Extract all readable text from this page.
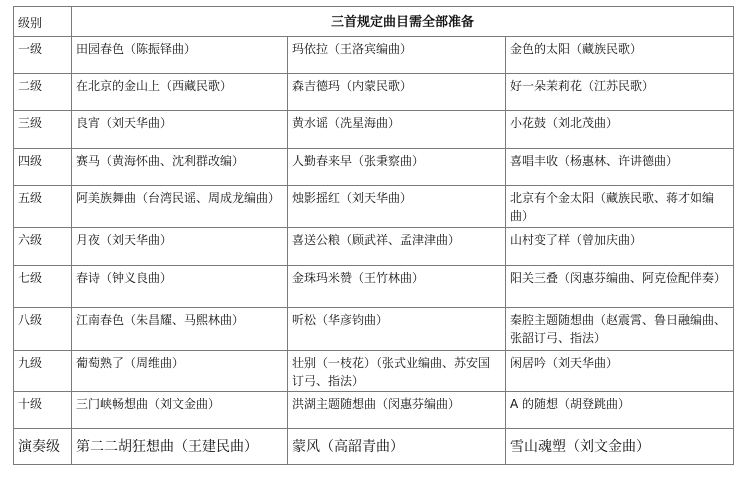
级别	三首规定曲目需全部准备		
一级	田园春色（陈振铎曲）	玛依拉（王洛宾编曲）	金色的太阳（藏族民歌）
二级	在北京的金山上（西藏民歌）	森吉德玛（内蒙民歌）	好一朵茉莉花（江苏民歌）
三级	良宵（刘天华曲）	黄水谣（冼星海曲）	小花鼓（刘北茂曲）
四级	赛马（黄海怀曲、沈利群改编）	人勤春来早（张秉察曲）	喜唱丰收（杨惠林、许讲德曲）
五级	阿美族舞曲（台湾民谣、周成龙编曲）	烛影摇红（刘天华曲）	北京有个金太阳（藏族民歌、蒋才如编曲）
六级	月夜（刘天华曲）	喜送公粮（顾武祥、孟津津曲）	山村变了样（曾加庆曲）
七级	春诗（钟义良曲）	金珠玛米赞（王竹林曲）	阳关三叠（闵惠芬编曲、阿克俭配伴奏）
八级	江南春色（朱昌耀、马熙林曲）	听松（华彦钧曲）	秦腔主题随想曲（赵震霄、鲁日融编曲、张韶订弓、指法）
九级	葡萄熟了（周维曲）	壮别（一枝花）（张式业编曲、苏安国订弓、指法）	闲居吟（刘天华曲）
十级	三门峡畅想曲（刘文金曲）	洪湖主题随想曲（闵惠芬编曲）	A 的随想（胡登跳曲）
演奏级	第二二胡狂想曲（王建民曲）	蒙风（高韶青曲）	雪山魂塑（刘文金曲）
